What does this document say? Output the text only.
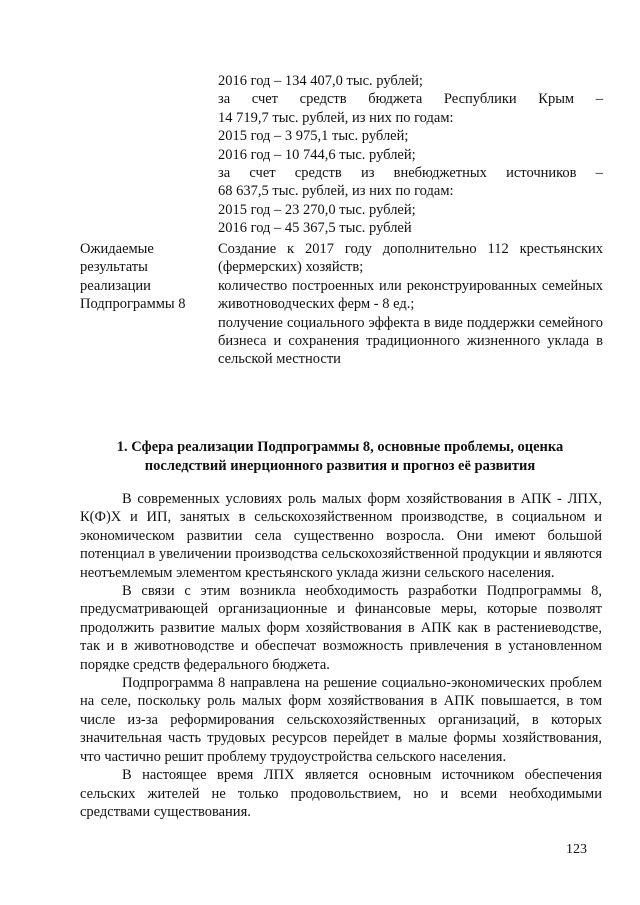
2016 год – 134 407,0 тыс. рублей;

за счет средств бюджета Республики Крым –

14 719,7 тыс. рублей, из них по годам:

2015 год – 3 975,1 тыс. рублей;

2016 год – 10 744,6 тыс. рублей;

за счет средств из внебюджетных источников –

68 637,5 тыс. рублей, из них по годам:

2015 год – 23 270,0 тыс. рублей;

2016 год – 45 367,5 тыс. рублей

Ожидаемые

результаты

реализации

Подпрограммы 8

Создание к 2017 году дополнительно 112 крестьянских (фермерских) хозяйств;

количество построенных или реконструированных семейных животноводческих ферм - 8 ед.;

получение социального эффекта в виде поддержки семейного бизнеса и сохранения традиционного жизненного уклада в сельской местности

1. Сфера реализации Подпрограммы 8, основные проблемы, оценка

последствий инерционного развития и прогноз её развития

В современных условиях роль малых форм хозяйствования в АПК - ЛПХ, К(Ф)Х и ИП, занятых в сельскохозяйственном производстве, в социальном и экономическом развитии села существенно возросла. Они имеют большой потенциал в увеличении производства сельскохозяйственной продукции и являются неотъемлемым элементом крестьянского уклада жизни сельского населения.

В связи с этим возникла необходимость разработки Подпрограммы 8, предусматривающей организационные и финансовые меры, которые позволят продолжить развитие малых форм хозяйствования в АПК как в растениеводстве, так и в животноводстве и обеспечат возможность привлечения в установленном порядке средств федерального бюджета.

Подпрограмма 8 направлена на решение социально-экономических проблем на селе, поскольку роль малых форм хозяйствования в АПК повышается, в том числе из-за реформирования сельскохозяйственных организаций, в которых значительная часть трудовых ресурсов перейдет в малые формы хозяйствования, что частично решит проблему трудоустройства сельского населения.

В настоящее время ЛПХ является основным источником обеспечения сельских жителей не только продовольствием, но и всеми необходимыми средствами существования.

123
